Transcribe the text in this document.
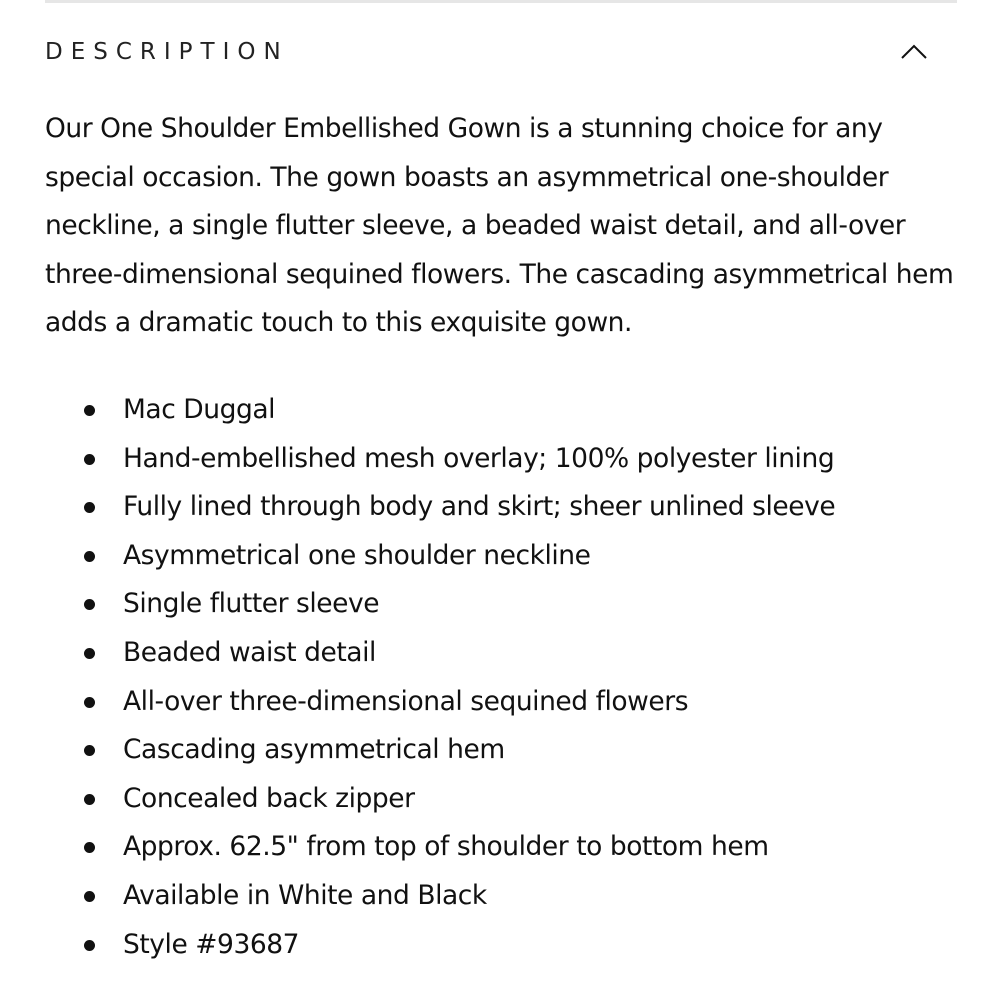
DESCRIPTION

Our One Shoulder Embellished Gown is a stunning choice for any special occasion. The gown boasts an asymmetrical one-shoulder neckline, a single flutter sleeve, a beaded waist detail, and all-over three-dimensional sequined flowers. The cascading asymmetrical hem adds a dramatic touch to this exquisite gown.

Mac Duggal
Hand-embellished mesh overlay; 100% polyester lining
Fully lined through body and skirt; sheer unlined sleeve
Asymmetrical one shoulder neckline
Single flutter sleeve
Beaded waist detail
All-over three-dimensional sequined flowers
Cascading asymmetrical hem
Concealed back zipper
Approx. 62.5" from top of shoulder to bottom hem
Available in White and Black
Style #93687
